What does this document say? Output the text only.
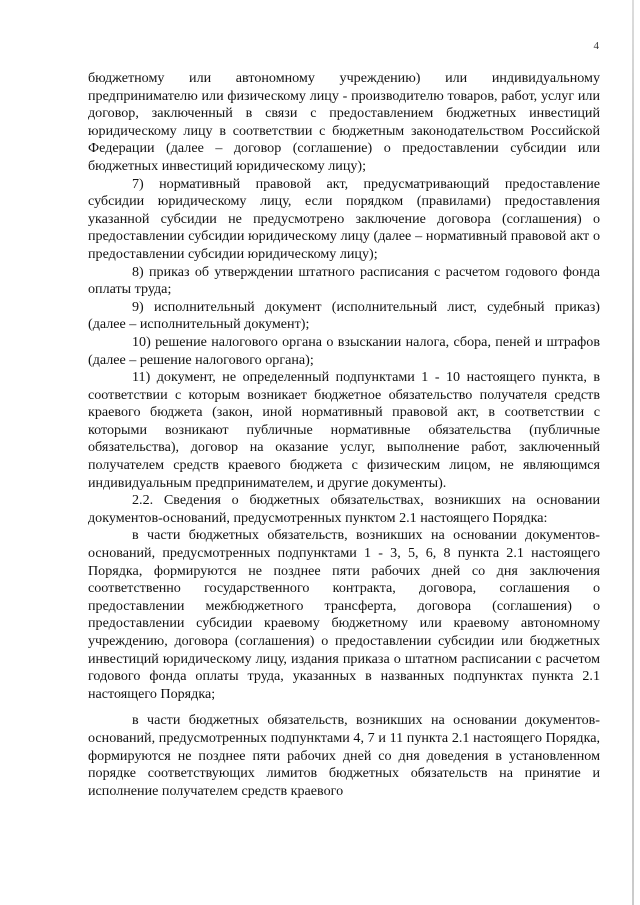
4

бюджетному или автономному учреждению) или индивидуальному предпринимателю или физическому лицу - производителю товаров, работ, услуг или договор, заключенный в связи с предоставлением бюджетных инвестиций юридическому лицу в соответствии с бюджетным законодательством Российской Федерации (далее – договор (соглашение) о предоставлении субсидии или бюджетных инвестиций юридическому лицу);

7) нормативный правовой акт, предусматривающий предоставление субсидии юридическому лицу, если порядком (правилами) предоставления указанной субсидии не предусмотрено заключение договора (соглашения) о предоставлении субсидии юридическому лицу (далее – нормативный правовой акт о предоставлении субсидии юридическому лицу);

8) приказ об утверждении штатного расписания с расчетом годового фонда оплаты труда;

9) исполнительный документ (исполнительный лист, судебный приказ) (далее – исполнительный документ);

10) решение налогового органа о взыскании налога, сбора, пеней и штрафов (далее – решение налогового органа);

11) документ, не определенный подпунктами 1 - 10 настоящего пункта, в соответствии с которым возникает бюджетное обязательство получателя средств краевого бюджета (закон, иной нормативный правовой акт, в соответствии с которыми возникают публичные нормативные обязательства (публичные обязательства), договор на оказание услуг, выполнение работ, заключенный получателем средств краевого бюджета с физическим лицом, не являющимся индивидуальным предпринимателем, и другие документы).

2.2. Сведения о бюджетных обязательствах, возникших на основании документов-оснований, предусмотренных пунктом 2.1 настоящего Порядка:

в части бюджетных обязательств, возникших на основании документов-оснований, предусмотренных подпунктами 1 - 3, 5, 6, 8 пункта 2.1 настоящего Порядка, формируются не позднее пяти рабочих дней со дня заключения соответственно государственного контракта, договора, соглашения о предоставлении межбюджетного трансферта, договора (соглашения) о предоставлении субсидии краевому бюджетному или краевому автономному учреждению, договора (соглашения) о предоставлении субсидии или бюджетных инвестиций юридическому лицу, издания приказа о штатном расписании с расчетом годового фонда оплаты труда, указанных в названных подпунктах пункта 2.1 настоящего Порядка;

в части бюджетных обязательств, возникших на основании документов-оснований, предусмотренных подпунктами 4, 7 и 11 пункта 2.1 настоящего Порядка, формируются не позднее пяти рабочих дней со дня доведения в установленном порядке соответствующих лимитов бюджетных обязательств на принятие и исполнение получателем средств краевого
